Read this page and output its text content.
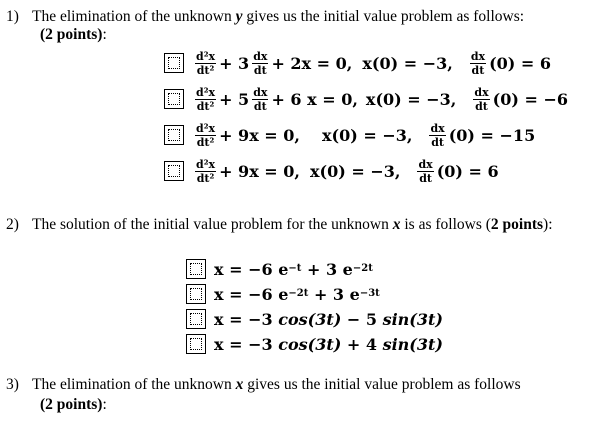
1) The elimination of the unknown y gives us the initial value problem as follows:
(2 points):
$\frac{\text{d²x}}{\text{dt²}} + 3 \frac{dx}{dt} + 2x = 0$, x(0) = −3, $\frac{dx}{dt} (0) = 6$
$\frac{\text{d²x}}{\text{dt²}} + 5 \frac{dx}{dt} + 6$ x = 0, x(0) = −3, $\frac{dx}{dt} (0) = -6$
$\frac{\text{d²x}}{\text{dt²}} + 9x = 0$, x(0) = −3, $\frac{dx}{dt} (0) = -15$
$\frac{\text{d²x}}{\text{dt²}} + 9x = 0$, x(0) = −3, $\frac{dx}{dt} (0) = 6$
2) The solution of the initial value problem for the unknown x is as follows (2 points):
x =
−6
e −t
+ 3
e −2t
x =
−6
e −2t
+ 3
e −3t
x =
−3
cos(3t)
− 5
sin(3t)
x =
−3
cos(3t)
+ 4
sin(3t)
3) The elimination of the unknown x gives us the initial value problem as follows
(2 points):
